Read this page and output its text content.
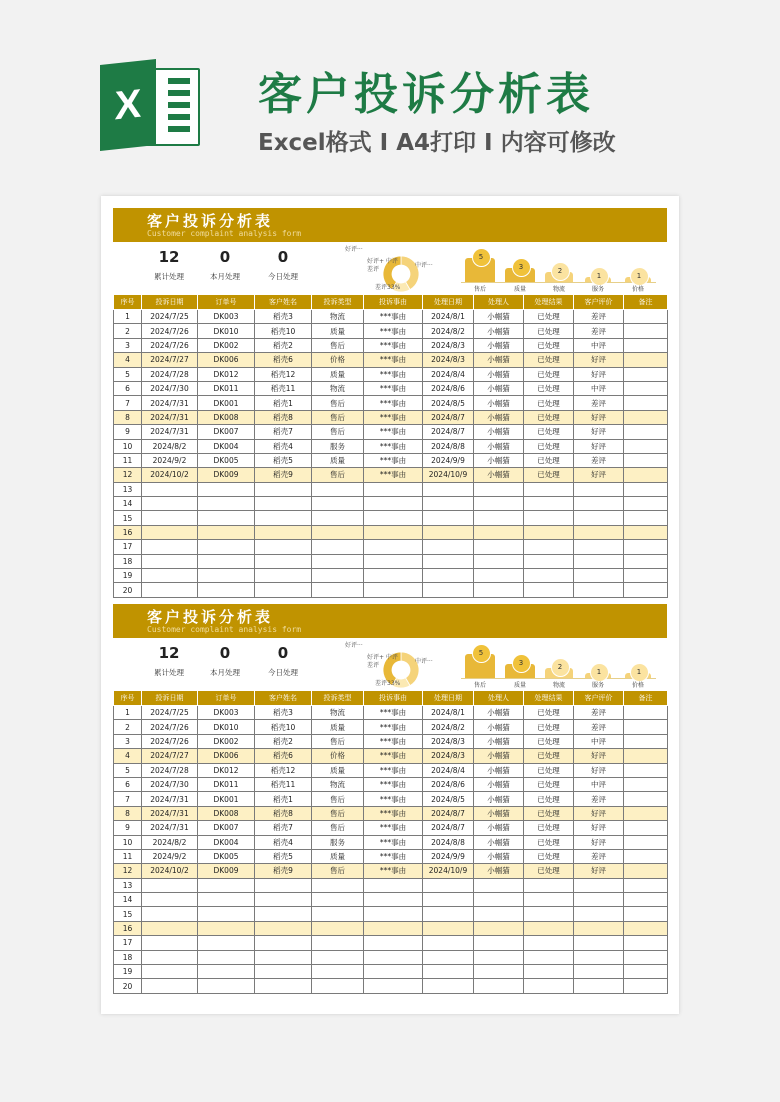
X	客户投诉分析表
Excel格式 I A4打印 I 内容可修改
客户投诉分析表
Customer complaint analysis form
12
累计处理
0
本月处理
0
今日处理
好评···
好评+ 中评
差评
中评···
差评33%
5
售后
3
质量
2
物流
1
服务
1
价格
序号	投诉日期	订单号	客户姓名	投诉类型	投诉事由	处理日期	处理人	处理结果	客户评价	备注
1	2024/7/25	DK003	稻壳3	物流	***事由	2024/8/1	小帼猫	已处理	差评	
2	2024/7/26	DK010	稻壳10	质量	***事由	2024/8/2	小帼猫	已处理	差评	
3	2024/7/26	DK002	稻壳2	售后	***事由	2024/8/3	小帼猫	已处理	中评	
4	2024/7/27	DK006	稻壳6	价格	***事由	2024/8/3	小帼猫	已处理	好评	
5	2024/7/28	DK012	稻壳12	质量	***事由	2024/8/4	小帼猫	已处理	好评	
6	2024/7/30	DK011	稻壳11	物流	***事由	2024/8/6	小帼猫	已处理	中评	
7	2024/7/31	DK001	稻壳1	售后	***事由	2024/8/5	小帼猫	已处理	差评	
8	2024/7/31	DK008	稻壳8	售后	***事由	2024/8/7	小帼猫	已处理	好评	
9	2024/7/31	DK007	稻壳7	售后	***事由	2024/8/7	小帼猫	已处理	好评	
10	2024/8/2	DK004	稻壳4	服务	***事由	2024/8/8	小帼猫	已处理	好评	
11	2024/9/2	DK005	稻壳5	质量	***事由	2024/9/9	小帼猫	已处理	差评	
12	2024/10/2	DK009	稻壳9	售后	***事由	2024/10/9	小帼猫	已处理	好评	
13										
14										
15										
16										
17										
18										
19										
20										
客户投诉分析表
Customer complaint analysis form
12
累计处理
0
本月处理
0
今日处理
好评···
好评+ 中评
差评
中评···
差评33%
5
售后
3
质量
2
物流
1
服务
1
价格
序号	投诉日期	订单号	客户姓名	投诉类型	投诉事由	处理日期	处理人	处理结果	客户评价	备注
1	2024/7/25	DK003	稻壳3	物流	***事由	2024/8/1	小帼猫	已处理	差评	
2	2024/7/26	DK010	稻壳10	质量	***事由	2024/8/2	小帼猫	已处理	差评	
3	2024/7/26	DK002	稻壳2	售后	***事由	2024/8/3	小帼猫	已处理	中评	
4	2024/7/27	DK006	稻壳6	价格	***事由	2024/8/3	小帼猫	已处理	好评	
5	2024/7/28	DK012	稻壳12	质量	***事由	2024/8/4	小帼猫	已处理	好评	
6	2024/7/30	DK011	稻壳11	物流	***事由	2024/8/6	小帼猫	已处理	中评	
7	2024/7/31	DK001	稻壳1	售后	***事由	2024/8/5	小帼猫	已处理	差评	
8	2024/7/31	DK008	稻壳8	售后	***事由	2024/8/7	小帼猫	已处理	好评	
9	2024/7/31	DK007	稻壳7	售后	***事由	2024/8/7	小帼猫	已处理	好评	
10	2024/8/2	DK004	稻壳4	服务	***事由	2024/8/8	小帼猫	已处理	好评	
11	2024/9/2	DK005	稻壳5	质量	***事由	2024/9/9	小帼猫	已处理	差评	
12	2024/10/2	DK009	稻壳9	售后	***事由	2024/10/9	小帼猫	已处理	好评	
13										
14										
15										
16										
17										
18										
19										
20										
